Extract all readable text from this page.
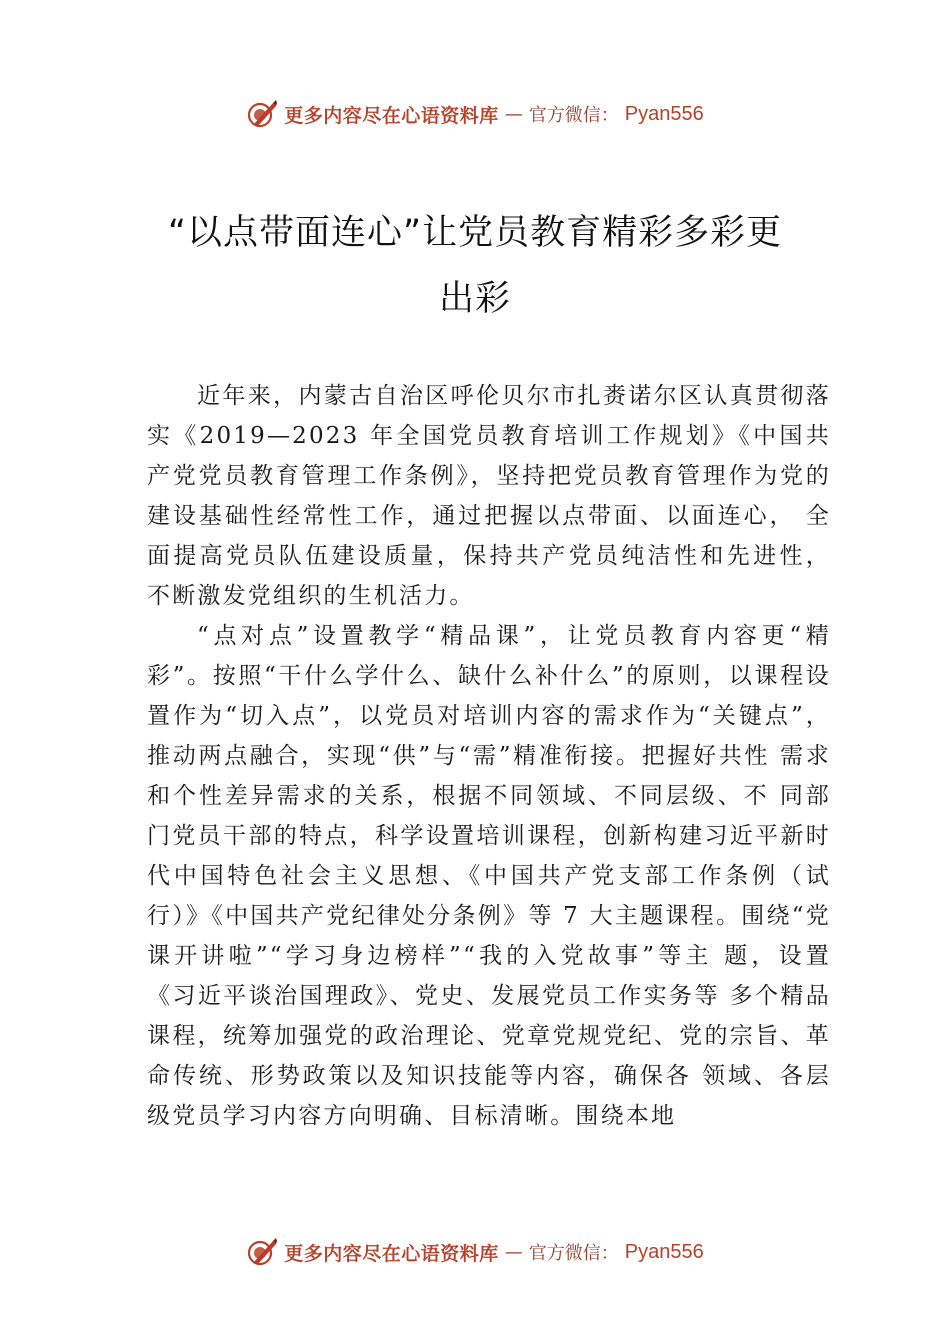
更多内容尽在心语资料库 — 官方微信： Pyan556
“以点带面连心”让党员教育精彩多彩更
出彩

近年来，内蒙古自治区呼伦贝尔市扎赉诺尔区认真贯彻落实《2019—2023 年全国党员教育培训工作规划》《中国共产党党员教育管理工作条例》，坚持把党员教育管理作为党的建设基础性经常性工作，通过把握以点带面、以面连心， 全面提高党员队伍建设质量，保持共产党员纯洁性和先进性， 不断激发党组织的生机活力。

“点对点”设置教学“精品课”，让党员教育内容更“精彩”。按照“干什么学什么、缺什么补什么”的原则，以课程设置作为“切入点”，以党员对培训内容的需求作为“关键点”，推动两点融合，实现“供”与“需”精准衔接。把握好共性 需求和个性差异需求的关系，根据不同领域、不同层级、不 同部门党员干部的特点，科学设置培训课程，创新构建习近平新时代中国特色社会主义思想、《中国共产党支部工作条例（试行）》《中国共产党纪律处分条例》等 7 大主题课程。围绕“党课开讲啦”“学习身边榜样”“我的入党故事”等主 题，设置《习近平谈治国理政》、党史、发展党员工作实务等 多个精品课程，统筹加强党的政治理论、党章党规党纪、党的宗旨、革命传统、形势政策以及知识技能等内容，确保各 领域、各层级党员学习内容方向明确、目标清晰。围绕本地

更多内容尽在心语资料库 — 官方微信： Pyan556
